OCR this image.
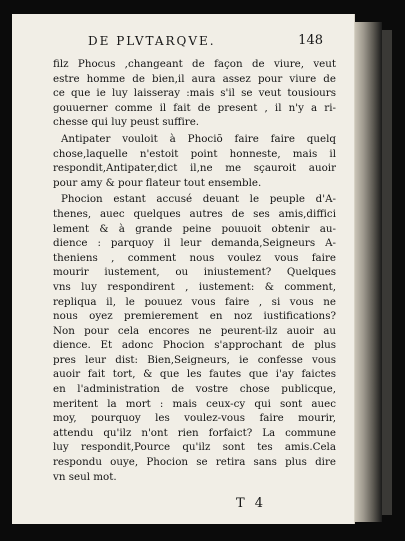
DE PLVTARQVE.	148
filz Phocus ,changeant de façon de viure, veut
estre homme de bien,il aura assez pour viure de
ce que ie luy laisseray :mais s'il se veut tousiours
gouuerner comme il fait de present , il n'y a ri-
chesse qui luy peust suffire.
Antipater vouloit à Phociõ faire faire quelq
chose,laquelle n'estoit point honneste, mais il
respondit,Antipater,dict il,ne me sçauroit auoir
pour amy & pour flateur tout ensemble.
Phocion estant accusé deuant le peuple d'A-
thenes, auec quelques autres de ses amis,diffici
lement & à grande peine pouuoit obtenir au-
dience : parquoy il leur demanda,Seigneurs A-
theniens , comment nous voulez vous faire
mourir iustement, ou iniustement? Quelques
vns luy respondirent , iustement: & comment,
repliqua il, le pouuez vous faire , si vous ne
nous oyez premierement en noz iustifications?
Non pour cela encores ne peurent-ilz auoir au
dience. Et adonc Phocion s'approchant de plus
pres leur dist: Bien,Seigneurs, ie confesse vous
auoir fait tort, & que les fautes que i'ay faictes
en l'administration de vostre chose publicque,
meritent la mort : mais ceux-cy qui sont auec
moy, pourquoy les voulez-vous faire mourir,
attendu qu'ilz n'ont rien forfaict? La commune
luy respondit,Pource qu'ilz sont tes amis.Cela
respondu ouye, Phocion se retira sans plus dire
vn seul mot.
T 4
